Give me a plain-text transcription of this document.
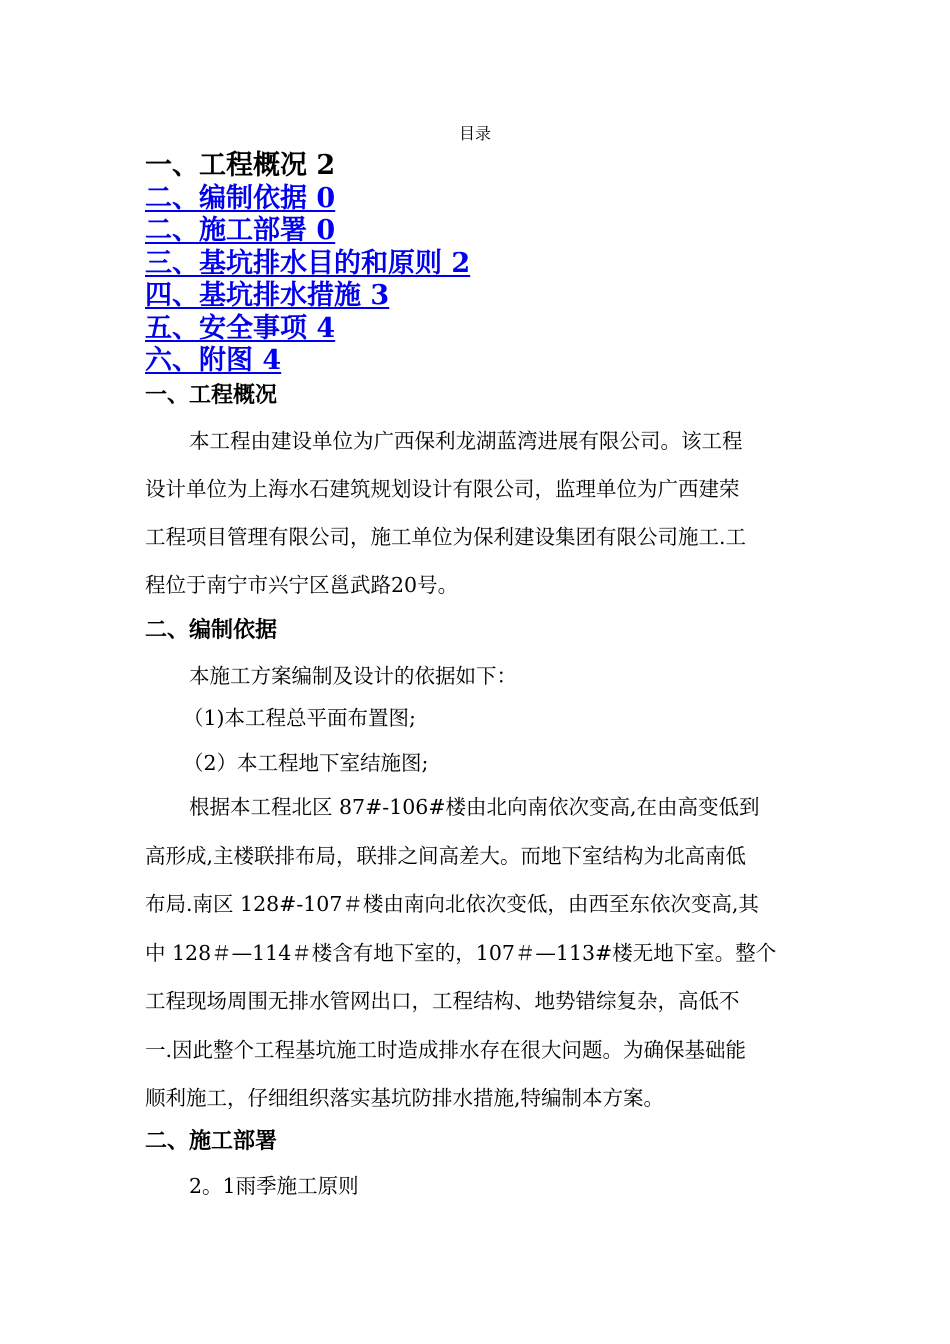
目录
一、工程概况 2
二、编制依据 0
二、施工部署 0
三、基坑排水目的和原则 2
四、基坑排水措施 3
五、安全事项 4
六、附图 4
一、工程概况
本工程由建设单位为广西保利龙湖蓝湾进展有限公司。该工程
设计单位为上海水石建筑规划设计有限公司，监理单位为广西建荣
工程项目管理有限公司，施工单位为保利建设集团有限公司施工.工
程位于南宁市兴宁区邕武路20号。
二、编制依据
本施工方案编制及设计的依据如下：
（1)本工程总平面布置图;
（2）本工程地下室结施图;
根据本工程北区 87#-106#楼由北向南依次变高,在由高变低到
高形成,主楼联排布局，联排之间高差大。而地下室结构为北高南低
布局.南区 128#-107＃楼由南向北依次变低，由西至东依次变高,其
中 128＃—114＃楼含有地下室的，107＃—113#楼无地下室。整个
工程现场周围无排水管网出口，工程结构、地势错综复杂，高低不
一.因此整个工程基坑施工时造成排水存在很大问题。为确保基础能
顺利施工，仔细组织落实基坑防排水措施,特编制本方案。
二、施工部署
2。1雨季施工原则
